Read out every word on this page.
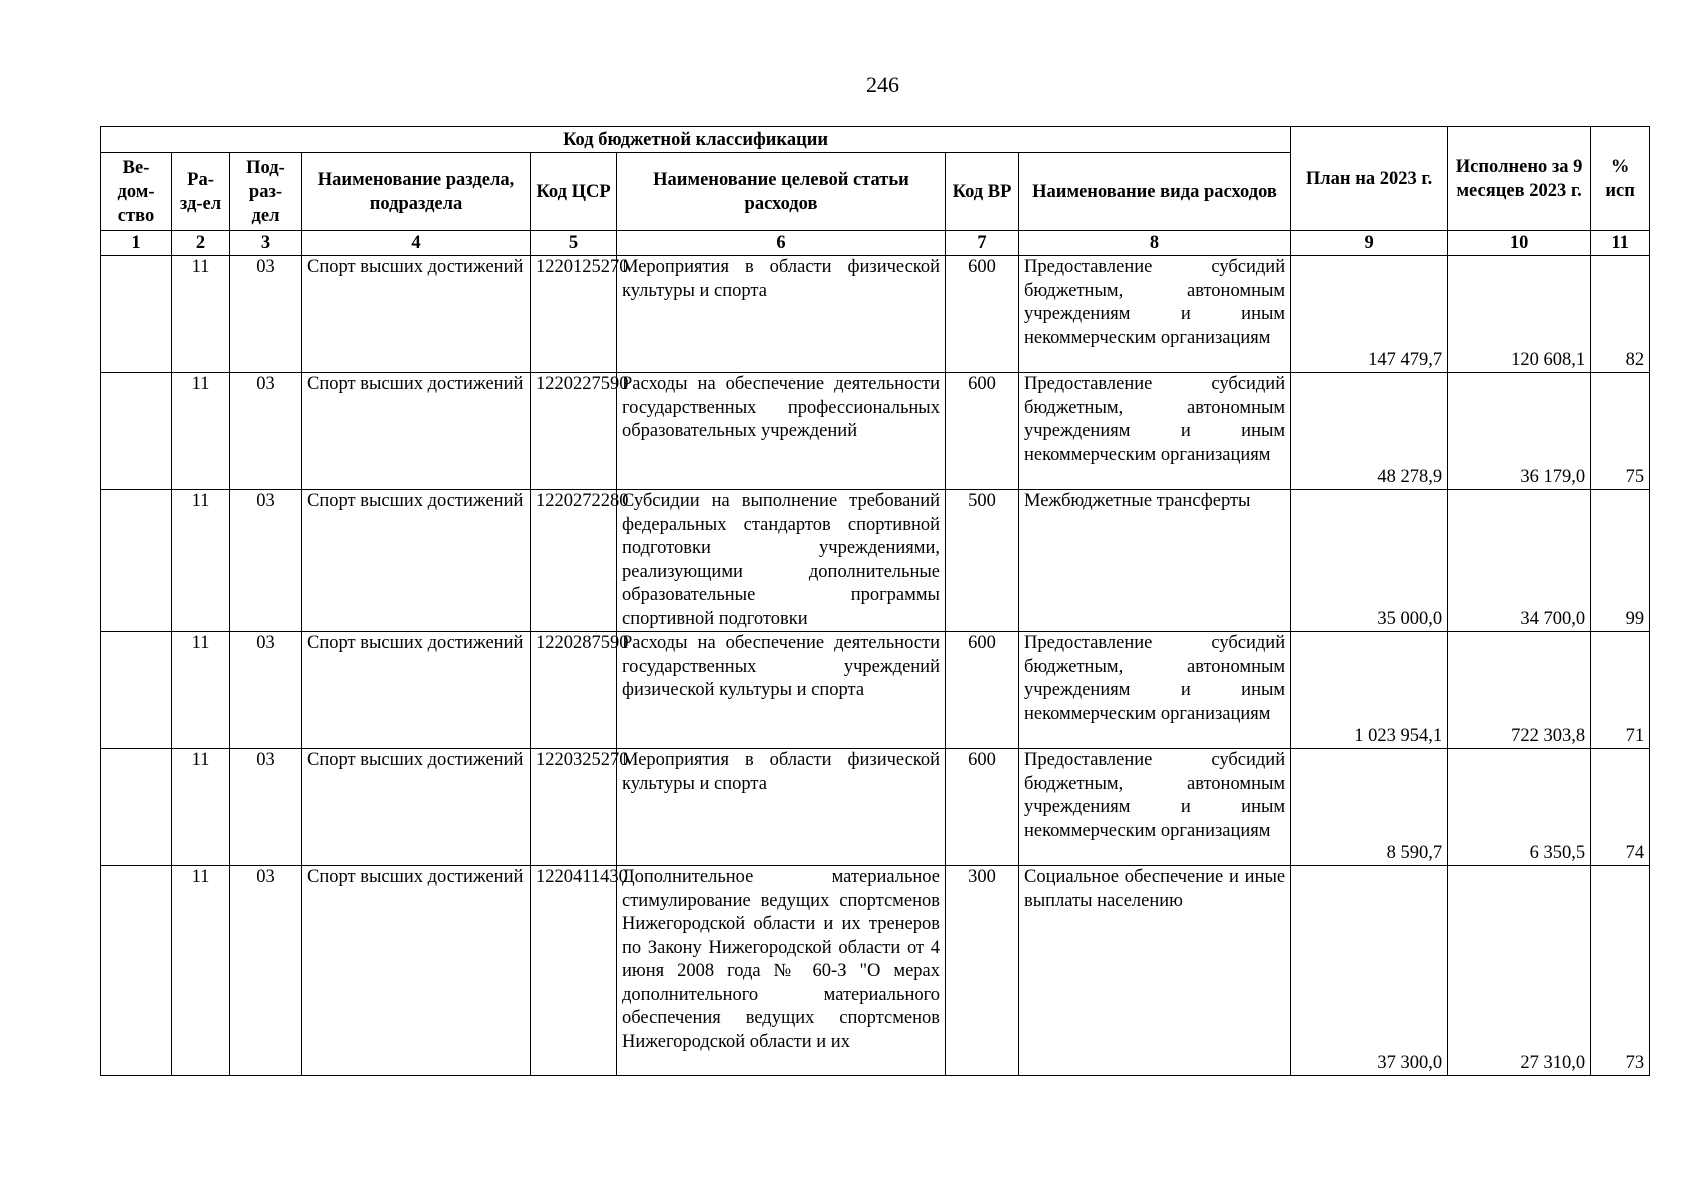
246
Код бюджетной классификации								План на 2023 г.	Исполнено за 9 месяцев 2023 г.	% исп
Ве-дом-ство	Ра-зд-ел	Под-раз-дел	Наименование раздела, подраздела	Код ЦСР	Наименование целевой статьи расходов	Код ВР	Наименование вида расходов			
1	2	3	4	5	6	7	8	9	10	11
	11	03	Спорт высших достижений	1220125270	Мероприятия в области физической культуры и спорта	600	Предоставление субсидий бюджетным, автономным учреждениям и иным некоммерческим организациям	147 479,7	120 608,1	82
	11	03	Спорт высших достижений	1220227590	Расходы на обеспечение деятельности государственных профессиональных образовательных учреждений	600	Предоставление субсидий бюджетным, автономным учреждениям и иным некоммерческим организациям	48 278,9	36 179,0	75
	11	03	Спорт высших достижений	1220272280	Субсидии на выполнение требований федеральных стандартов спортивной подготовки учреждениями, реализующими дополнительные образовательные программы спортивной подготовки	500	Межбюджетные трансферты	35 000,0	34 700,0	99
	11	03	Спорт высших достижений	1220287590	Расходы на обеспечение деятельности государственных учреждений физической культуры и спорта	600	Предоставление субсидий бюджетным, автономным учреждениям и иным некоммерческим организациям	1 023 954,1	722 303,8	71
	11	03	Спорт высших достижений	1220325270	Мероприятия в области физической культуры и спорта	600	Предоставление субсидий бюджетным, автономным учреждениям и иным некоммерческим организациям	8 590,7	6 350,5	74
	11	03	Спорт высших достижений	1220411430	Дополнительное материальное стимулирование ведущих спортсменов Нижегородской области и их тренеров по Закону Нижегородской области от 4 июня 2008 года № 60-З "О мерах дополнительного материального обеспечения ведущих спортсменов Нижегородской области и их	300	Социальное обеспечение и иные выплаты населению	37 300,0	27 310,0	73
